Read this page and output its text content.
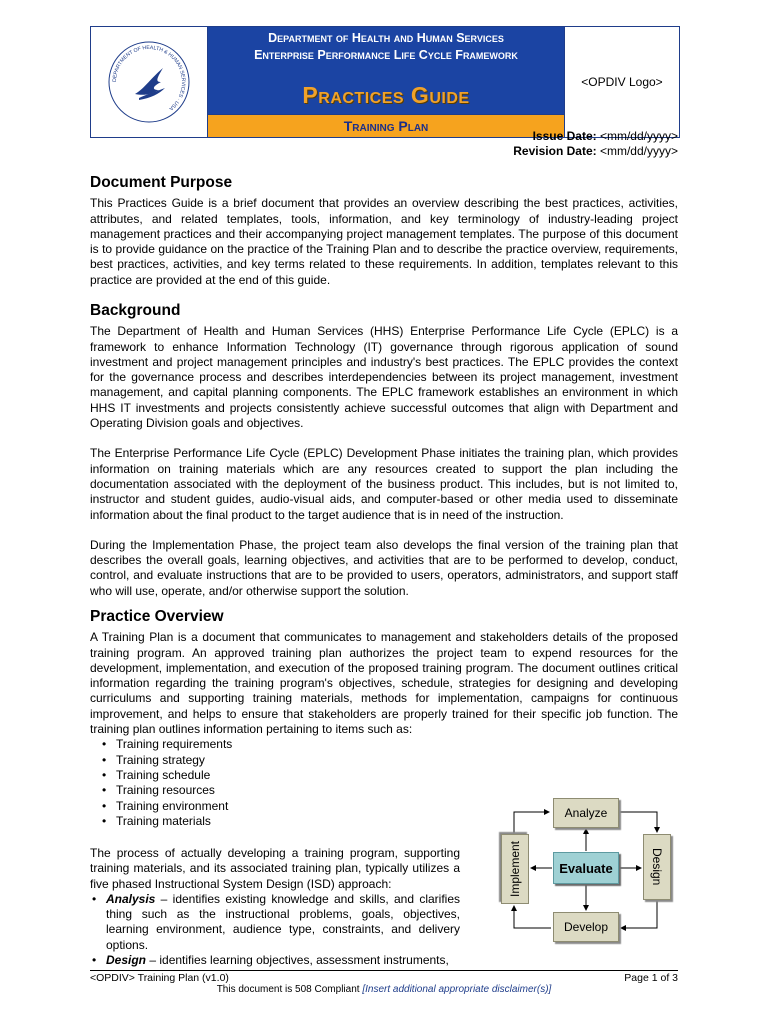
DEPARTMENT OF HEALTH & HUMAN SERVICES · USA
Department of Health and Human Services
Enterprise Performance Life Cycle Framework
Practices Guide
Training Plan
<OPDIV Logo>
Issue Date: <mm/dd/yyyy>
Revision Date: <mm/dd/yyyy>
Document Purpose

This Practices Guide is a brief document that provides an overview describing the best practices, activities, attributes, and related templates, tools, information, and key terminology of industry-leading project management practices and their accompanying project management templates. The purpose of this document is to provide guidance on the practice of the Training Plan and to describe the practice overview, requirements, best practices, activities, and key terms related to these requirements. In addition, templates relevant to this practice are provided at the end of this guide.

Background

The Department of Health and Human Services (HHS) Enterprise Performance Life Cycle (EPLC) is a framework to enhance Information Technology (IT) governance through rigorous application of sound investment and project management principles and industry's best practices. The EPLC provides the context for the governance process and describes interdependencies between its project management, investment management, and capital planning components. The EPLC framework establishes an environment in which HHS IT investments and projects consistently achieve successful outcomes that align with Department and Operating Division goals and objectives.

The Enterprise Performance Life Cycle (EPLC) Development Phase initiates the training plan, which provides information on training materials which are any resources created to support the plan including the documentation associated with the deployment of the business product. This includes, but is not limited to, instructor and student guides, audio-visual aids, and computer-based or other media used to disseminate information about the final product to the target audience that is in need of the instruction.

During the Implementation Phase, the project team also develops the final version of the training plan that describes the overall goals, learning objectives, and activities that are to be performed to develop, conduct, control, and evaluate instructions that are to be provided to users, operators, administrators, and support staff who will use, operate, and/or otherwise support the solution.

Practice Overview

A Training Plan is a document that communicates to management and stakeholders details of the proposed training program. An approved training plan authorizes the project team to expend resources for the development, implementation, and execution of the proposed training program. The document outlines critical information regarding the training program's objectives, schedule, strategies for designing and developing curriculums and supporting training materials, methods for implementation, campaigns for continuous improvement, and helps to ensure that stakeholders are properly trained for their specific job function. The training plan outlines information pertaining to items such as:

• Training requirements
• Training strategy
• Training schedule
• Training resources
• Training environment
• Training materials

The process of actually developing a training program, supporting training materials, and its associated training plan, typically utilizes a five phased Instructional System Design (ISD) approach:

• Analysis – identifies existing knowledge and skills, and clarifies thing such as the instructional problems, goals, objectives, learning environment, audience type, constraints, and delivery options.
• Design – identifies learning objectives, assessment instruments,
Analyze
Develop
Design
Implement	Evaluate
<OPDIV> Training Plan (v1.0)	Page 1 of 3
This document is 508 Compliant [Insert additional appropriate disclaimer(s)]
